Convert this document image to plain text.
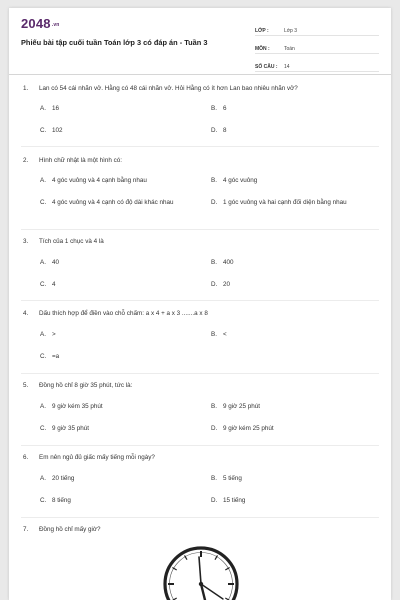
2048.vn
Phiếu bài tập cuối tuần Toán lớp 3 có đáp án - Tuần 3
LỚP :	Lớp 3
MÔN :	Toán
SỐ CÂU :	14
1. Lan có 54 cái nhãn vở. Hằng có 48 cái nhãn vở. Hỏi Hằng có ít hơn Lan bao nhiêu nhãn vở?
A. 16	B. 6
C. 102	D. 8
2. Hình chữ nhật là một hình có:
A. 4 góc vuông và 4 cạnh bằng nhau	B. 4 góc vuông
C. 4 góc vuông và 4 cạnh có độ dài khác nhau	D. 1 góc vuông và hai cạnh đối diện bằng nhau
3. Tích của 1 chục và 4 là
A. 40	B. 400
C. 4	D. 20
4. Dấu thích hợp để điền vào chỗ chấm: a x 4 + a x 3 .......a x 8
A. >	B. <
C. =a
5. Đồng hồ chỉ 8 giờ 35 phút, tức là:
A. 9 giờ kém 35 phút	B. 9 giờ 25 phút
C. 9 giờ 35 phút	D. 9 giờ kém 25 phút
6. Em nên ngủ đủ giấc mấy tiếng mỗi ngày?
A. 20 tiếng	B. 5 tiếng
C. 8 tiếng	D. 15 tiếng
7. Đồng hồ chỉ mấy giờ?
